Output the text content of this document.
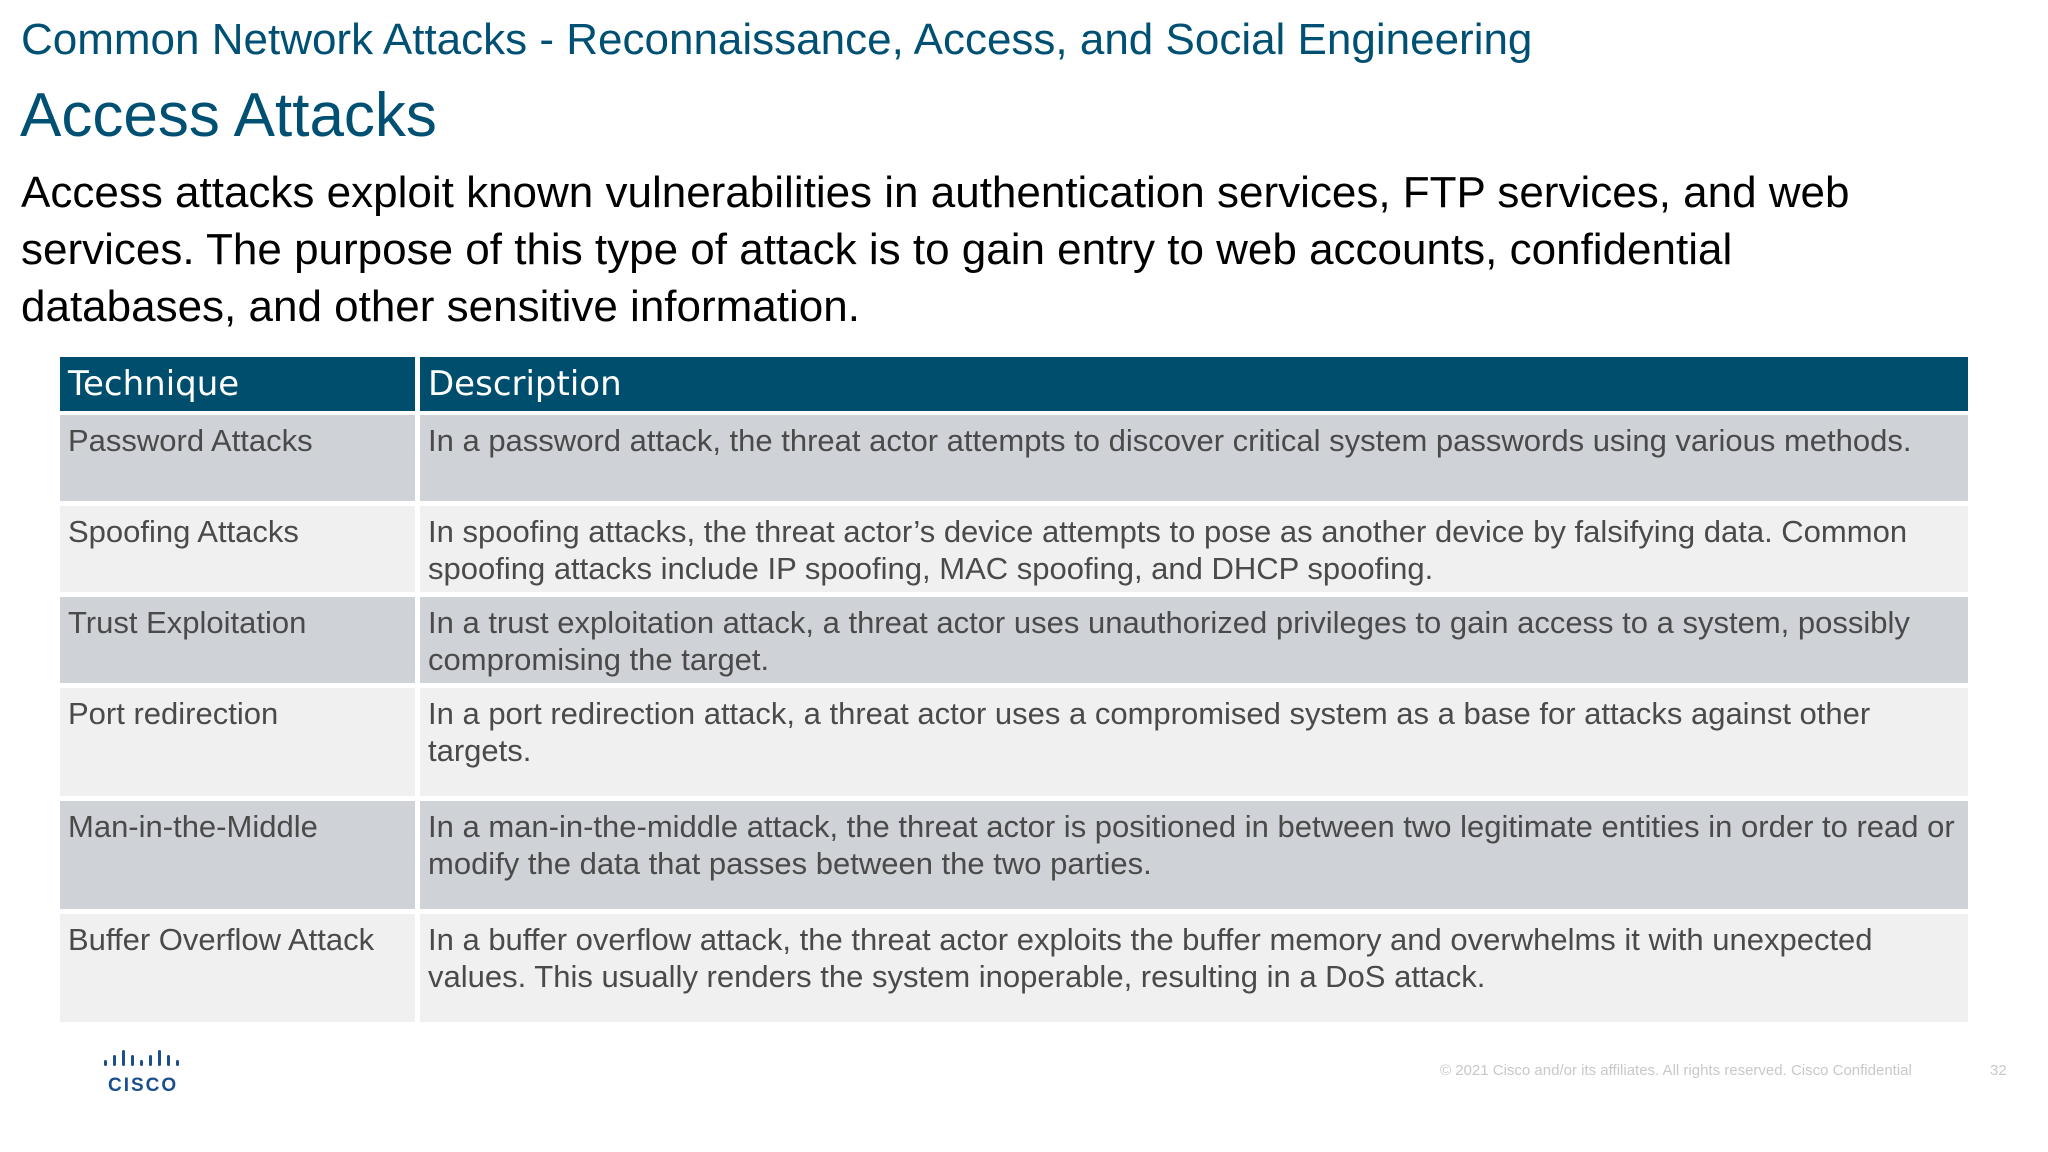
Common Network Attacks - Reconnaissance, Access, and Social Engineering
Access Attacks
Access attacks exploit known vulnerabilities in authentication services, FTP services, and web services. The purpose of this type of attack is to gain entry to web accounts, confidential databases, and other sensitive information.
Technique	Description
Password Attacks	In a password attack, the threat actor attempts to discover critical system passwords using various methods.
Spoofing Attacks	In spoofing attacks, the threat actor’s device attempts to pose as another device by falsifying data. Common spoofing attacks include IP spoofing, MAC spoofing, and DHCP spoofing.
Trust Exploitation	In a trust exploitation attack, a threat actor uses unauthorized privileges to gain access to a system, possibly compromising the target.
Port redirection	In a port redirection attack, a threat actor uses a compromised system as a base for attacks against other targets.
Man-in-the-Middle	In a man-in-the-middle attack, the threat actor is positioned in between two legitimate entities in order to read or modify the data that passes between the two parties.
Buffer Overflow Attack	In a buffer overflow attack, the threat actor exploits the buffer memory and overwhelms it with unexpected values. This usually renders the system inoperable, resulting in a DoS attack.
CISCO
© 2021 Cisco and/or its affiliates. All rights reserved. Cisco Confidential	32
